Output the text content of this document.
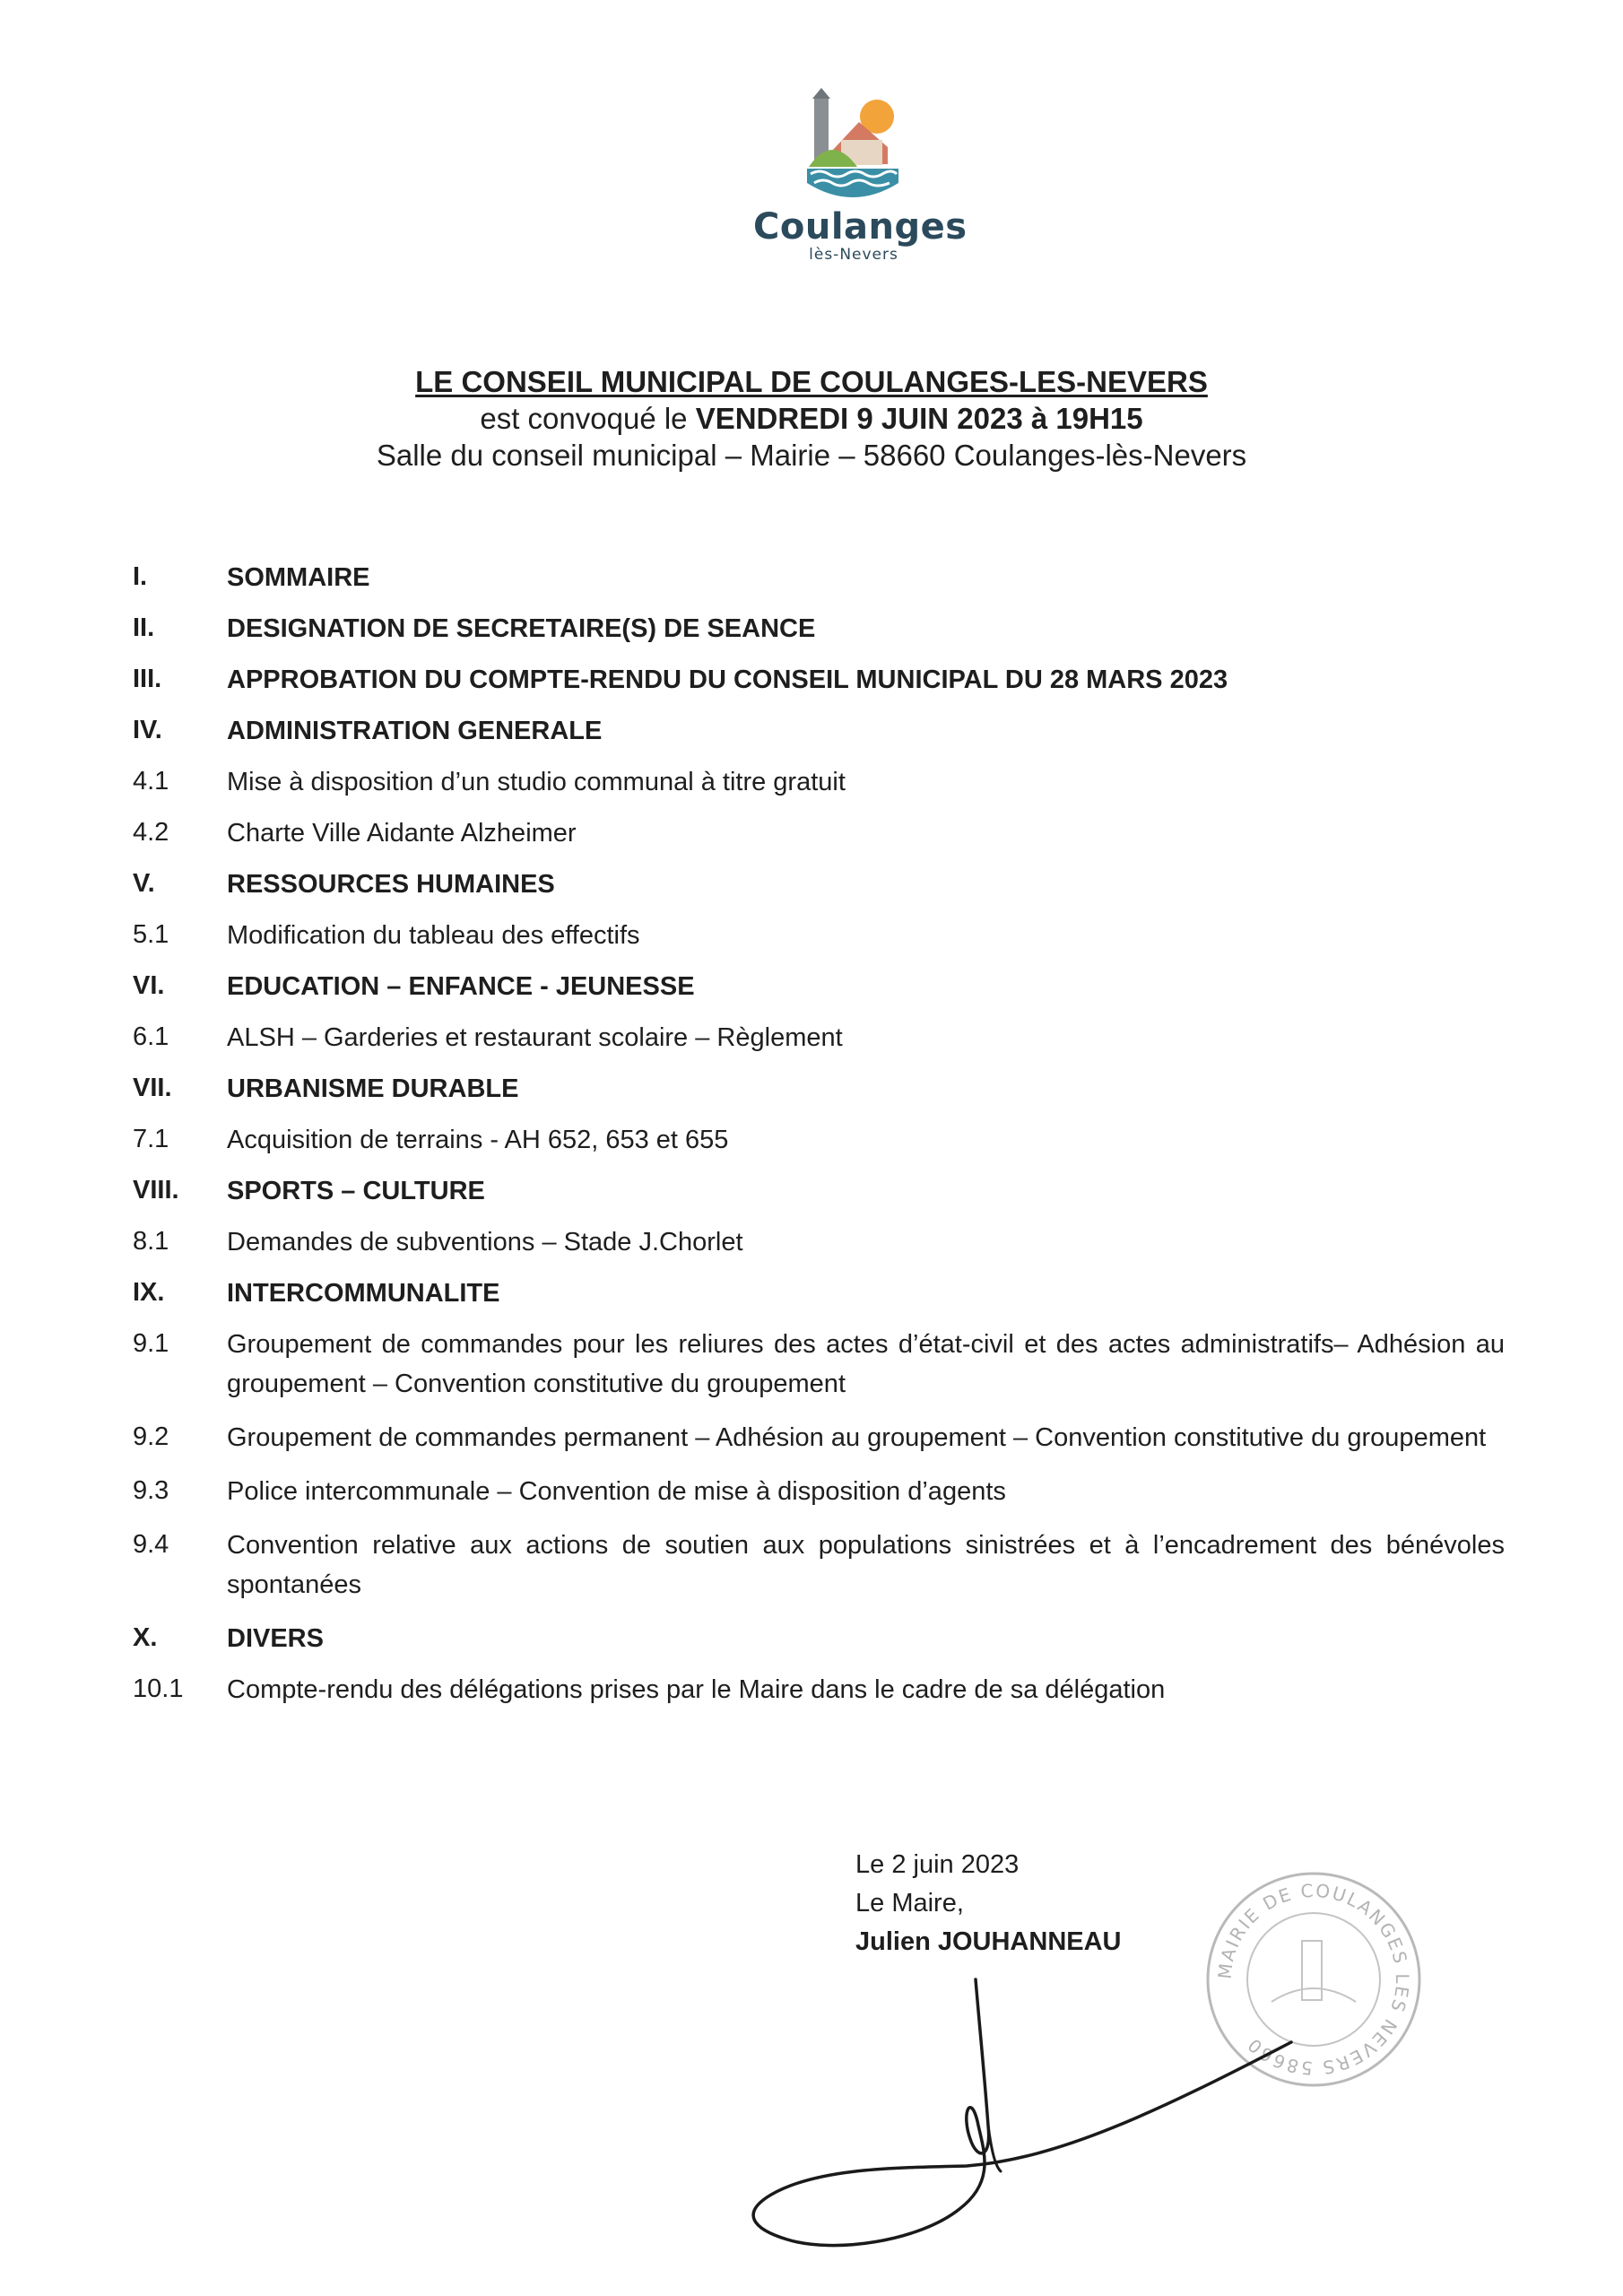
Coulanges
lès-Nevers
LE CONSEIL MUNICIPAL DE COULANGES-LES-NEVERS
est convoqué le VENDREDI 9 JUIN 2023 à 19H15
Salle du conseil municipal – Mairie – 58660 Coulanges-lès-Nevers
I.	SOMMAIRE
II.	DESIGNATION DE SECRETAIRE(S) DE SEANCE
III.	APPROBATION DU COMPTE-RENDU DU CONSEIL MUNICIPAL DU 28 MARS 2023
IV.	ADMINISTRATION GENERALE
4.1	Mise à disposition d’un studio communal à titre gratuit
4.2	Charte Ville Aidante Alzheimer
V.	RESSOURCES HUMAINES
5.1	Modification du tableau des effectifs
VI.	EDUCATION – ENFANCE - JEUNESSE
6.1	ALSH – Garderies et restaurant scolaire – Règlement
VII.	URBANISME DURABLE
7.1	Acquisition de terrains - AH 652, 653 et 655
VIII.	SPORTS – CULTURE
8.1	Demandes de subventions – Stade J.Chorlet
IX.	INTERCOMMUNALITE
9.1	Groupement de commandes pour les reliures des actes d’état-civil et des actes administratifs– Adhésion au groupement – Convention constitutive du groupement
9.2	Groupement de commandes permanent – Adhésion au groupement – Convention constitutive du groupement
9.3	Police intercommunale – Convention de mise à disposition d’agents
9.4	Convention relative aux actions de soutien aux populations sinistrées et à l’encadrement des bénévoles spontanées
X.	DIVERS
10.1	Compte-rendu des délégations prises par le Maire dans le cadre de sa délégation
Le 2 juin 2023
Le Maire,
Julien JOUHANNEAU
MAIRIE DE COULANGES LES NEVERS 58660
